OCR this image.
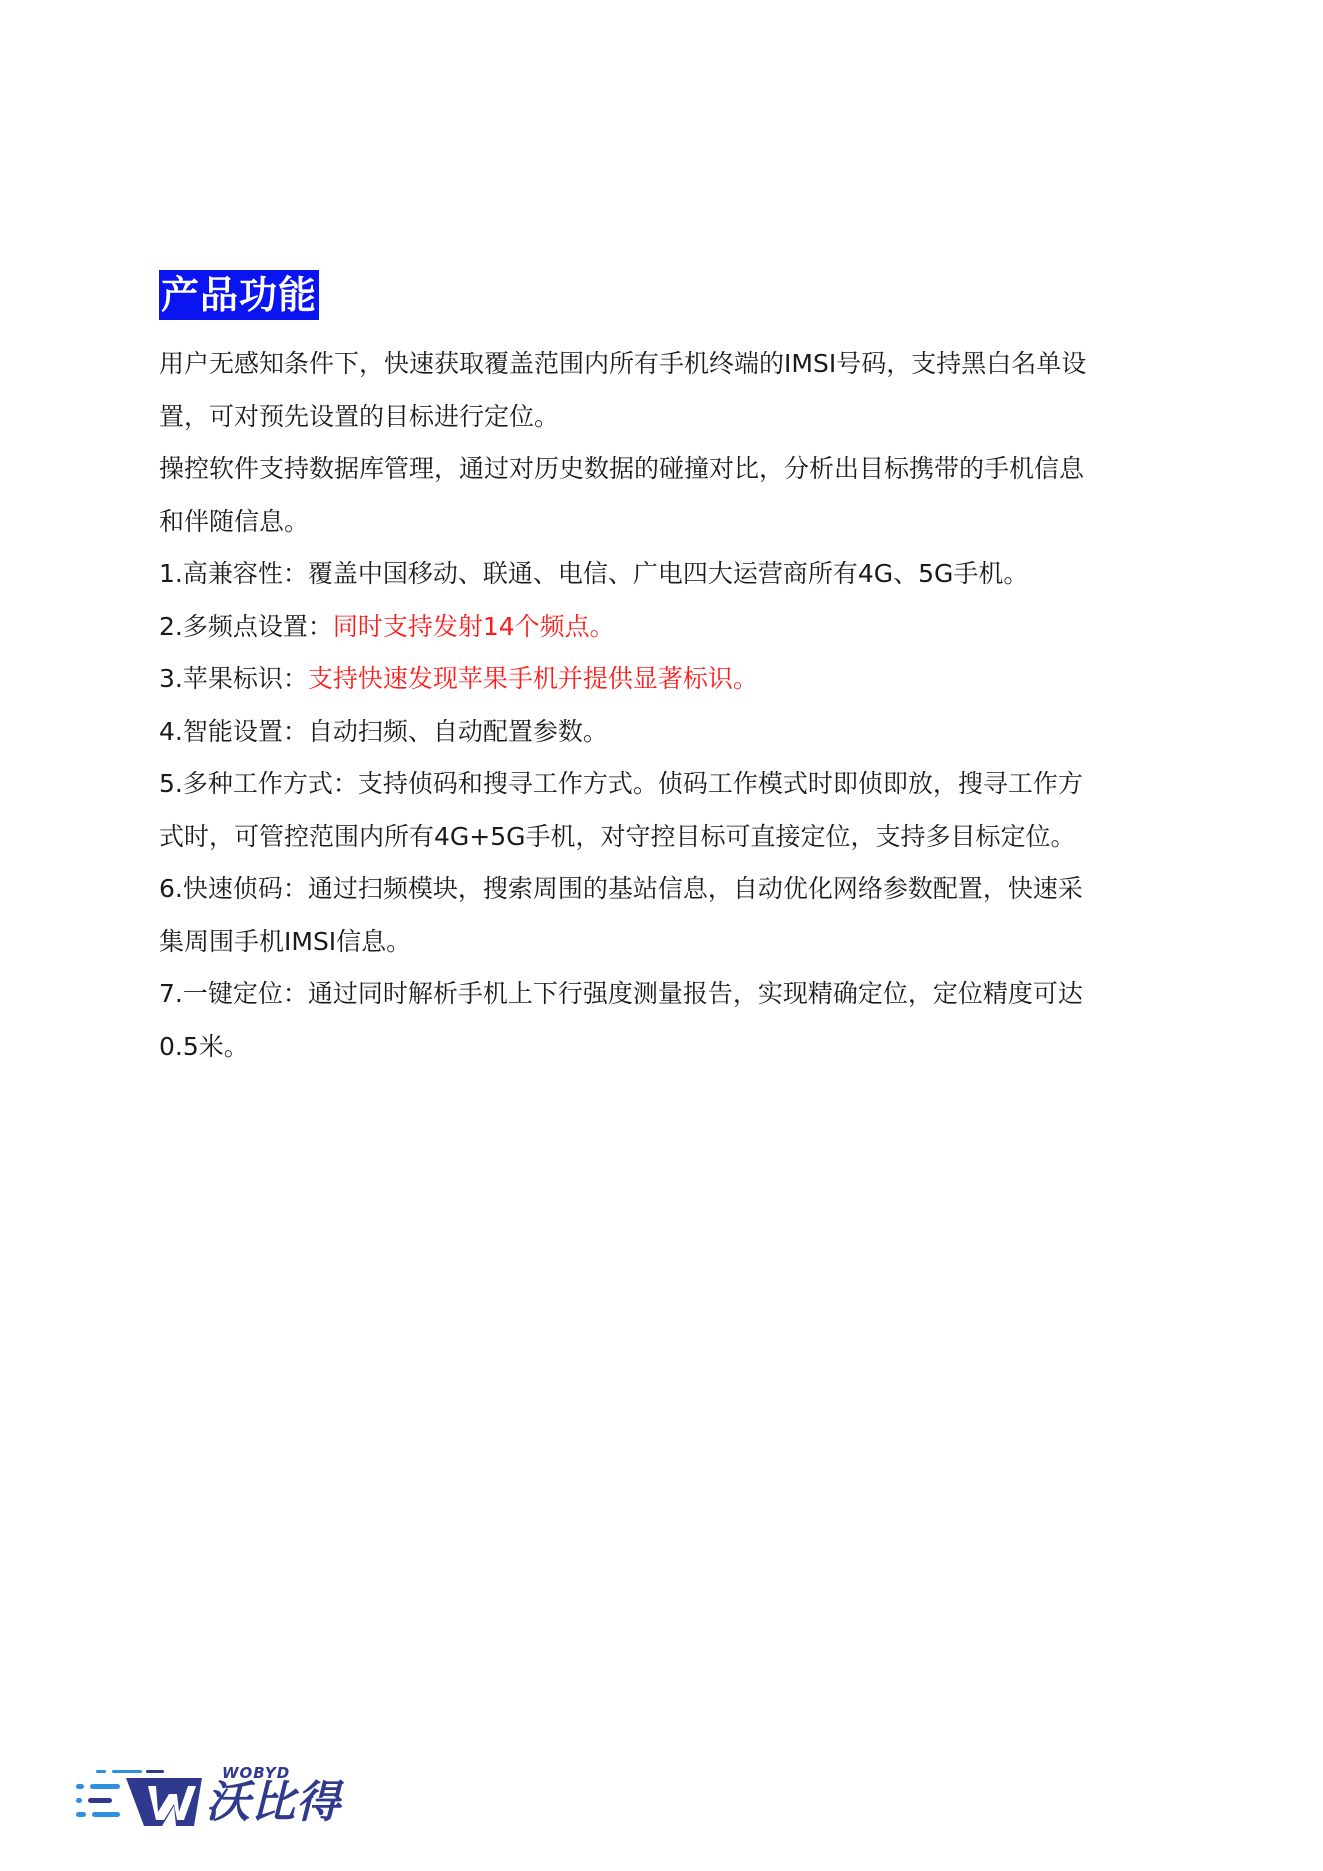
产品功能
用户无感知条件下，快速获取覆盖范围内所有手机终端的IMSI号码，支持黑白名单设
置，可对预先设置的目标进行定位。
操控软件支持数据库管理，通过对历史数据的碰撞对比，分析出目标携带的手机信息
和伴随信息。
1.高兼容性：覆盖中国移动、联通、电信、广电四大运营商所有4G、5G手机。
2.多频点设置：同时支持发射14个频点。
3.苹果标识：支持快速发现苹果手机并提供显著标识。
4.智能设置：自动扫频、自动配置参数。
5.多种工作方式：支持侦码和搜寻工作方式。侦码工作模式时即侦即放，搜寻工作方
式时，可管控范围内所有4G+5G手机，对守控目标可直接定位，支持多目标定位。
6.快速侦码：通过扫频模块，搜索周围的基站信息，自动优化网络参数配置，快速采
集周围手机IMSI信息。
7.一键定位：通过同时解析手机上下行强度测量报告，实现精确定位，定位精度可达
0.5米。
WOBYD
沃比得
